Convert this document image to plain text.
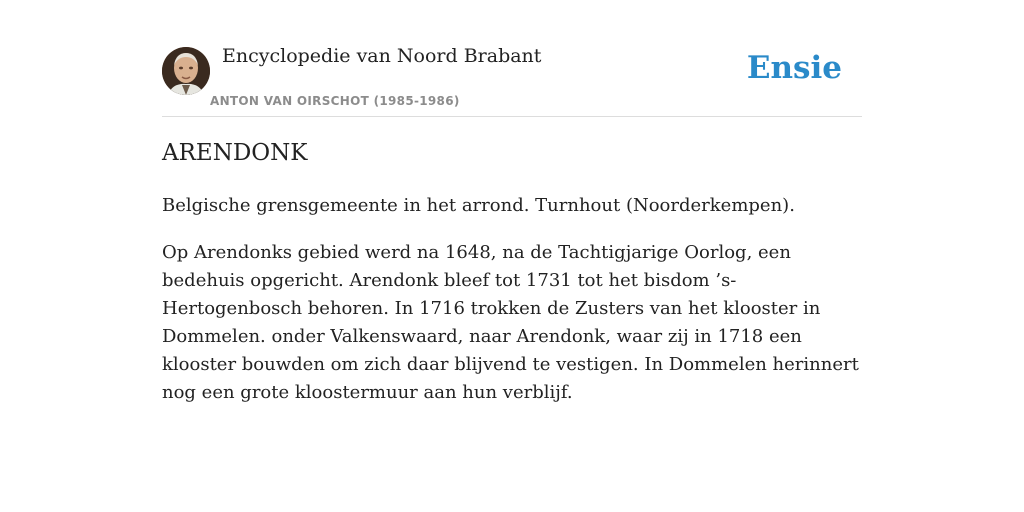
Encyclopedie van Noord Brabant
ANTON VAN OIRSCHOT (1985-1986)
Ensie
ARENDONK

Belgische grensgemeente in het arrond. Turnhout (Noorderkempen).

Op Arendonks gebied werd na 1648, na de Tachtigjarige Oorlog, een bedehuis opgericht. Arendonk bleef tot 1731 tot het bisdom ’s-Hertogenbosch behoren. In 1716 trokken de Zusters van het klooster in Dommelen. onder Valkenswaard, naar Arendonk, waar zij in 1718 een klooster bouwden om zich daar blijvend te vestigen. In Dommelen herinnert nog een grote kloostermuur aan hun verblijf.
